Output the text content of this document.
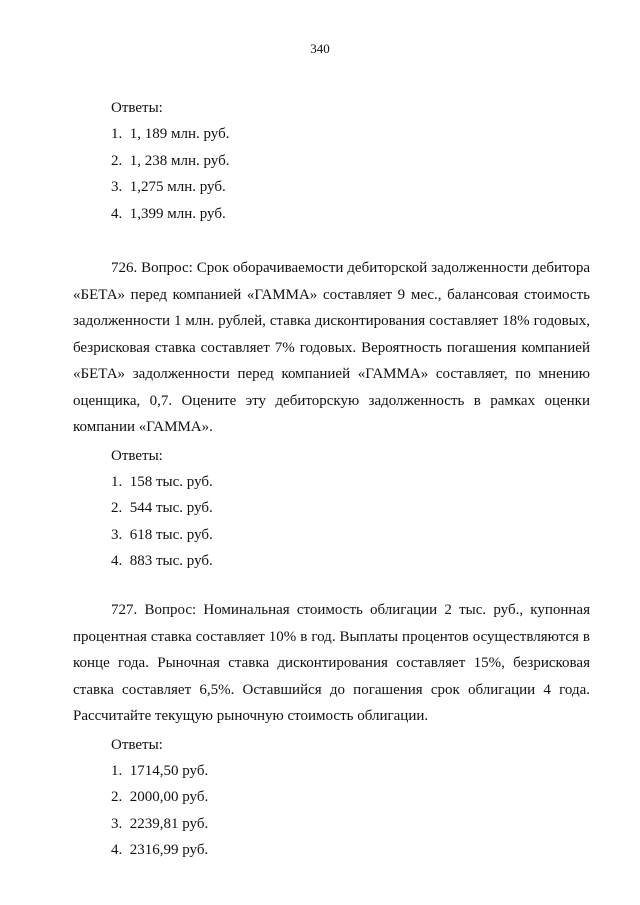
340
Ответы:
1.  1, 189 млн. руб.
2.  1, 238 млн. руб.
3.  1,275 млн. руб.
4.  1,399 млн. руб.
726. Вопрос: Срок оборачиваемости дебиторской задолженности дебитора «БЕТА» перед компанией «ГАММА» составляет 9 мес., балансовая стоимость задолженности 1 млн. рублей, ставка дисконтирования составляет 18% годовых, безрисковая ставка составляет 7% годовых. Вероятность погашения компанией «БЕТА» задолженности перед компанией «ГАММА» составляет, по мнению оценщика, 0,7. Оцените эту дебиторскую задолженность в рамках оценки компании «ГАММА».
Ответы:
1.  158 тыс. руб.
2.  544 тыс. руб.
3.  618 тыс. руб.
4.  883 тыс. руб.
727. Вопрос: Номинальная стоимость облигации 2 тыс. руб., купонная процентная ставка составляет 10% в год. Выплаты процентов осуществляются в конце года. Рыночная ставка дисконтирования составляет 15%, безрисковая ставка составляет 6,5%. Оставшийся до погашения срок облигации 4 года. Рассчитайте текущую рыночную стоимость облигации.
Ответы:
1.  1714,50 руб.
2.  2000,00 руб.
3.  2239,81 руб.
4.  2316,99 руб.
